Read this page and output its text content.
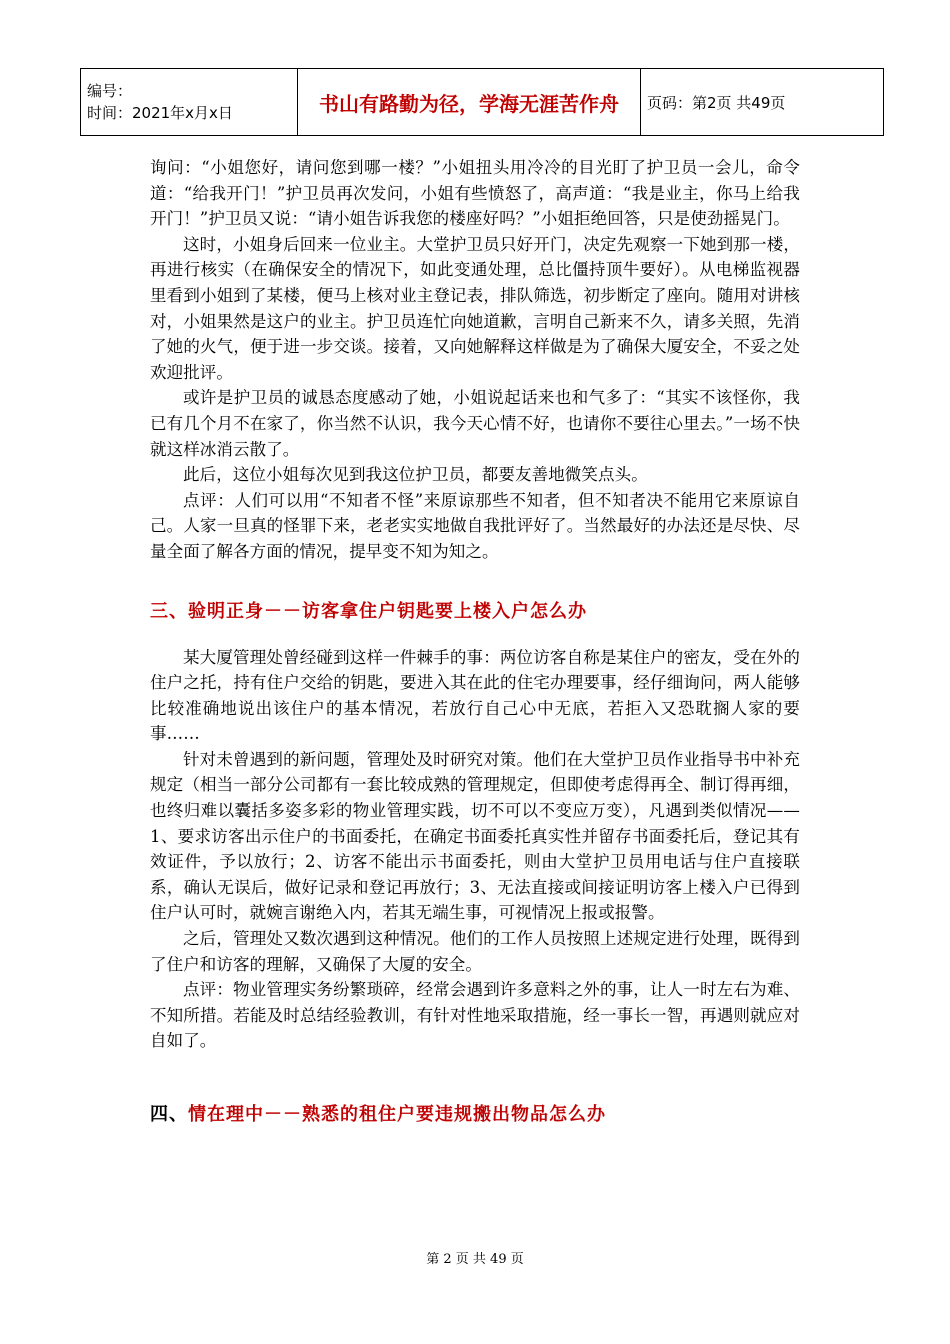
编号：
时间：2021年x月x日	书山有路勤为径，学海无涯苦作舟	页码：第2页 共49页

询问：“小姐您好，请问您到哪一楼？”小姐扭头用冷冷的目光盯了护卫员一会儿，命令道：“给我开门！”护卫员再次发问，小姐有些愤怒了，高声道：“我是业主，你马上给我开门！”护卫员又说：“请小姐告诉我您的楼座好吗？”小姐拒绝回答，只是使劲摇晃门。

这时，小姐身后回来一位业主。大堂护卫员只好开门，决定先观察一下她到那一楼，再进行核实（在确保安全的情况下，如此变通处理，总比僵持顶牛要好）。从电梯监视器里看到小姐到了某楼，便马上核对业主登记表，排队筛选，初步断定了座向。随用对讲核对，小姐果然是这户的业主。护卫员连忙向她道歉，言明自己新来不久，请多关照，先消了她的火气，便于进一步交谈。接着，又向她解释这样做是为了确保大厦安全，不妥之处欢迎批评。

或许是护卫员的诚恳态度感动了她，小姐说起话来也和气多了：“其实不该怪你，我已有几个月不在家了，你当然不认识，我今天心情不好，也请你不要往心里去。”一场不快就这样冰消云散了。

此后，这位小姐每次见到我这位护卫员，都要友善地微笑点头。

点评：人们可以用“不知者不怪”来原谅那些不知者，但不知者决不能用它来原谅自己。人家一旦真的怪罪下来，老老实实地做自我批评好了。当然最好的办法还是尽快、尽量全面了解各方面的情况，提早变不知为知之。

三、验明正身－－访客拿住户钥匙要上楼入户怎么办

某大厦管理处曾经碰到这样一件棘手的事：两位访客自称是某住户的密友，受在外的住户之托，持有住户交给的钥匙，要进入其在此的住宅办理要事，经仔细询问，两人能够比较准确地说出该住户的基本情况，若放行自己心中无底，若拒入又恐耽搁人家的要事……

针对未曾遇到的新问题，管理处及时研究对策。他们在大堂护卫员作业指导书中补充规定（相当一部分公司都有一套比较成熟的管理规定，但即使考虑得再全、制订得再细，也终归难以囊括多姿多彩的物业管理实践，切不可以不变应万变），凡遇到类似情况——1、要求访客出示住户的书面委托，在确定书面委托真实性并留存书面委托后，登记其有效证件，予以放行；2、访客不能出示书面委托，则由大堂护卫员用电话与住户直接联系，确认无误后，做好记录和登记再放行；3、无法直接或间接证明访客上楼入户已得到住户认可时，就婉言谢绝入内，若其无端生事，可视情况上报或报警。

之后，管理处又数次遇到这种情况。他们的工作人员按照上述规定进行处理，既得到了住户和访客的理解，又确保了大厦的安全。

点评：物业管理实务纷繁琐碎，经常会遇到许多意料之外的事，让人一时左右为难、不知所措。若能及时总结经验教训，有针对性地采取措施，经一事长一智，再遇则就应对自如了。

四、情在理中－－熟悉的租住户要违规搬出物品怎么办
第 2 页 共 49 页
